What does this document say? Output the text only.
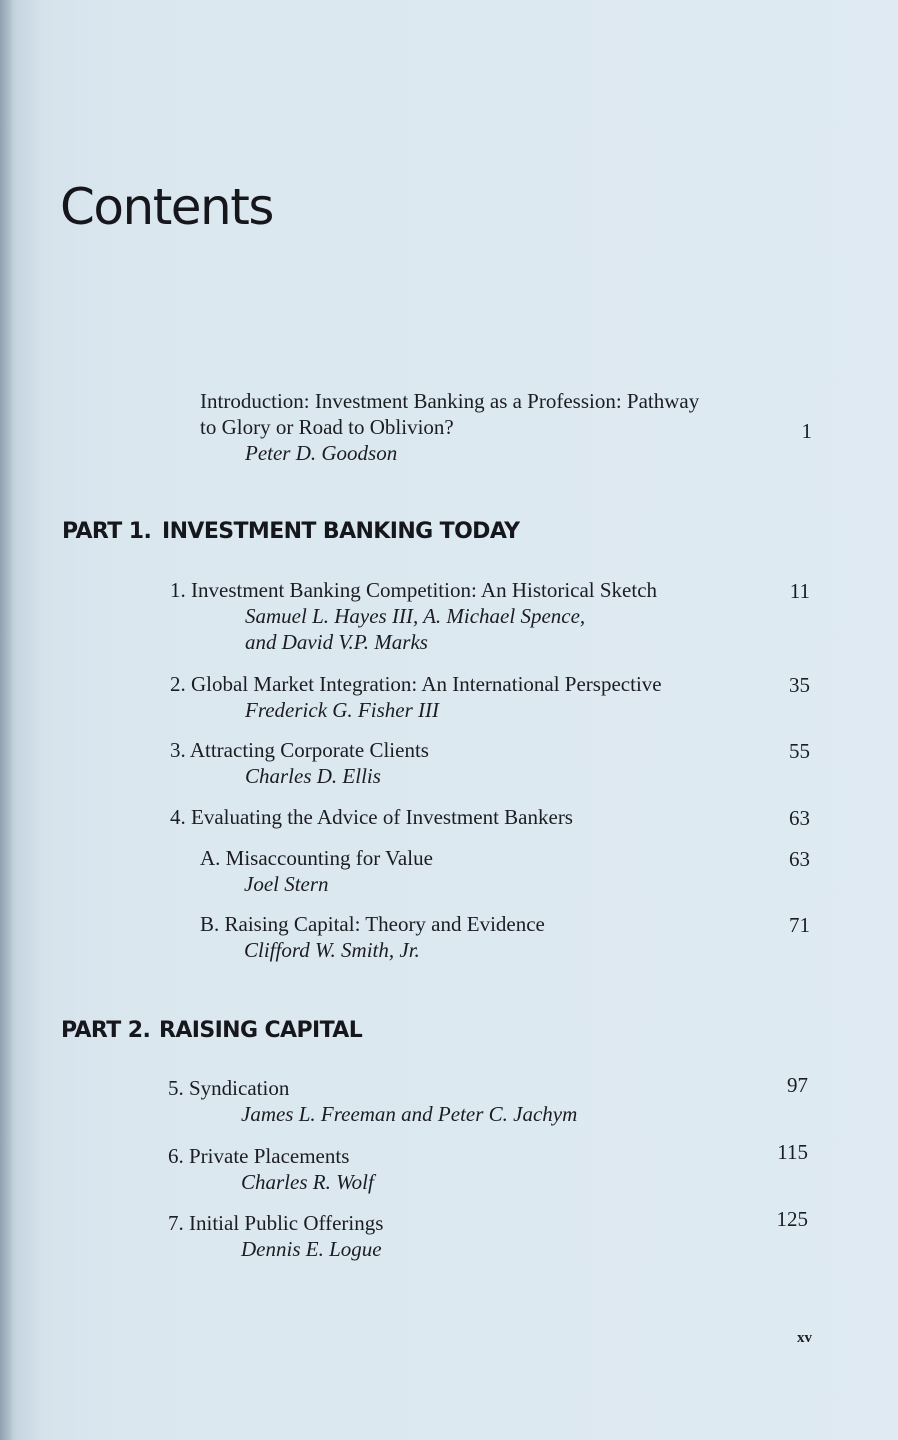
Contents
Introduction: Investment Banking as a Profession: Pathway
to Glory or Road to Oblivion?
Peter D. Goodson
1
PART 1. INVESTMENT BANKING TODAY
1. Investment Banking Competition: An Historical Sketch
Samuel L. Hayes III, A. Michael Spence,
and David V.P. Marks
11
2. Global Market Integration: An International Perspective
Frederick G. Fisher III
35
3. Attracting Corporate Clients
Charles D. Ellis
55
4. Evaluating the Advice of Investment Bankers	63
A. Misaccounting for Value
Joel Stern
63
B. Raising Capital: Theory and Evidence
Clifford W. Smith, Jr.
71
PART 2. RAISING CAPITAL
5. Syndication
James L. Freeman and Peter C. Jachym
97
6. Private Placements
Charles R. Wolf
115
7. Initial Public Offerings
Dennis E. Logue
125
xv
